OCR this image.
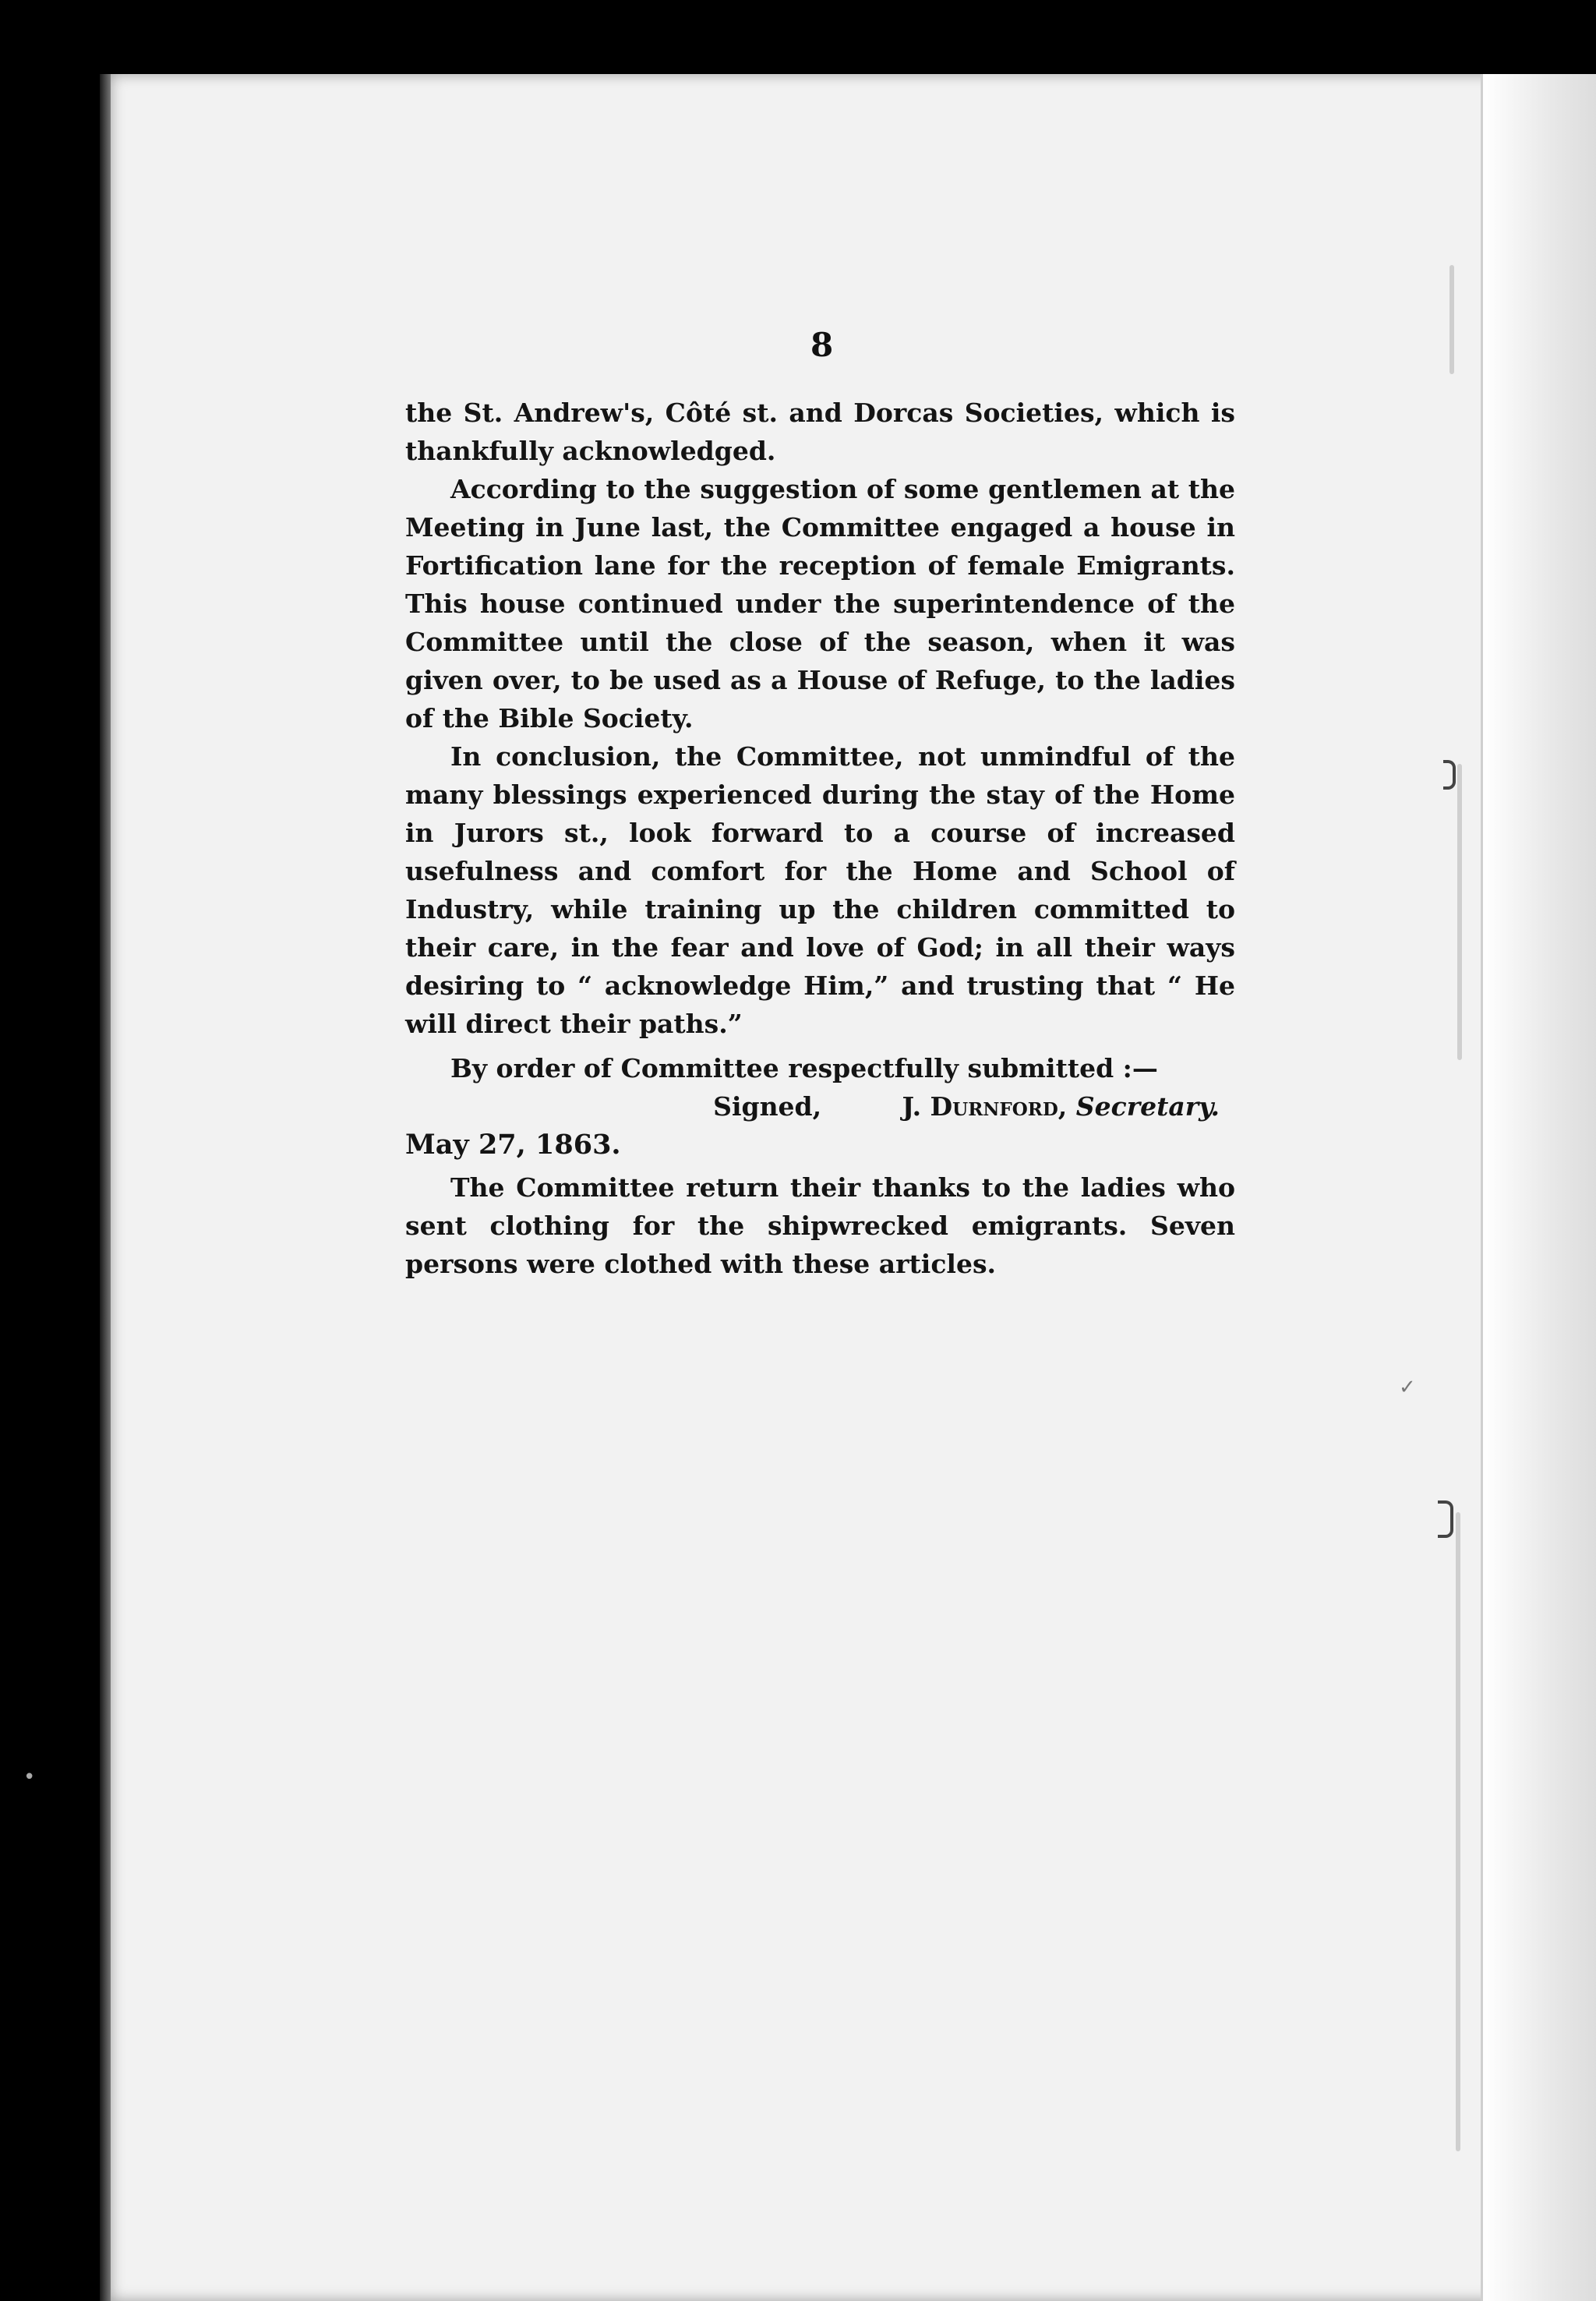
✓
•
8

the St. Andrew's, Côté st. and Dorcas Societies, which is thankfully acknowledged.

According to the suggestion of some gentlemen at the Meeting in June last, the Committee engaged a house in Fortification lane for the reception of female Emigrants. This house continued under the superintendence of the Committee until the close of the season, when it was given over, to be used as a House of Refuge, to the ladies of the Bible Society.

In conclusion, the Committee, not unmindful of the many blessings experienced during the stay of the Home in Jurors st., look forward to a course of increased usefulness and comfort for the Home and School of Industry, while training up the children committed to their care, in the fear and love of God; in all their ways desiring to “ acknowledge Him,” and trusting that “ He will direct their paths.”

By order of Committee respectfully submitted :—

Signed,	J. Durnford, Secretary.

May 27, 1863.

The Committee return their thanks to the ladies who sent clothing for the shipwrecked emigrants. Seven persons were clothed with these articles.
